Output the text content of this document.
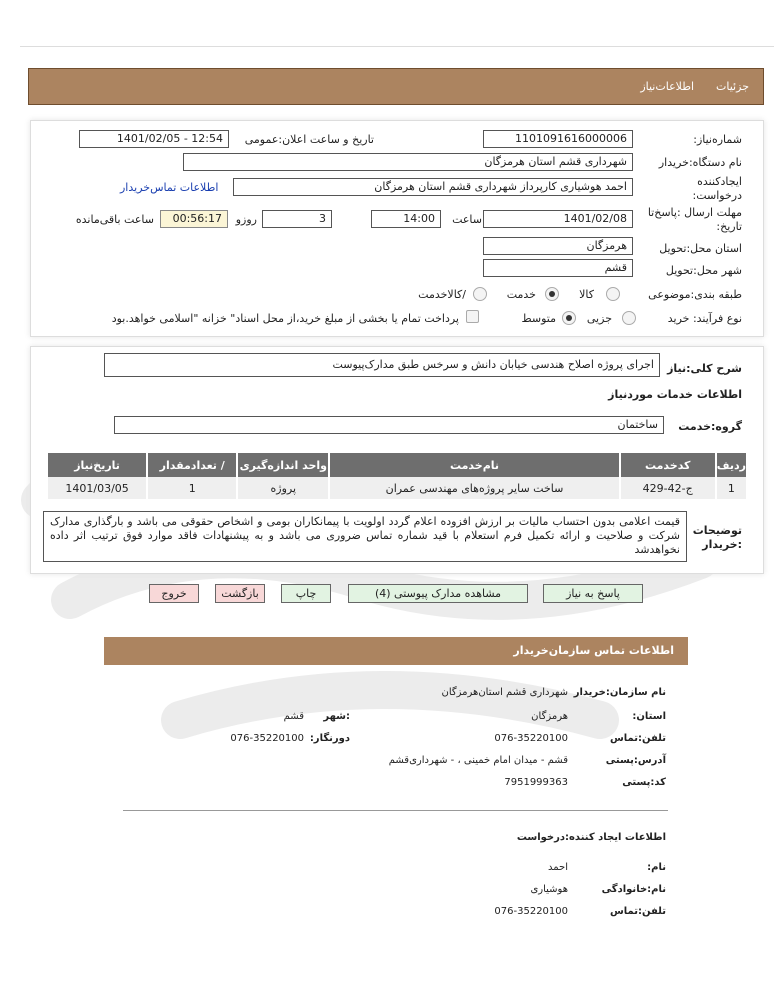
جزئیات
اطلاعات‌نیاز
شماره‌نیاز:
1101091616000006
تاریخ و ساعت اعلان:عمومی
1401/02/05 - 12:54
نام دستگاه:خریدار
شهرداری قشم استان هرمزگان
ایجادکننده
درخواست:
احمد هوشیاری کارپرداز شهرداری قشم استان هرمزگان
اطلاعات تماس‌خریدار
مهلت ارسال :پاسخ‌تا
تاریخ:
1401/02/08
ساعت
14:00
3
روزو
00:56:17
ساعت باقی‌مانده
استان محل:تحویل
هرمزگان
شهر محل:تحویل
قشم
طبقه بندی:موضوعی
کالا
خدمت
/کالاخدمت
نوع فرآیند: خرید
جزیی
متوسط
پرداخت تمام یا بخشی از مبلغ خرید،از محل اسناد" خزانه "اسلامی خواهد.بود
شرح کلی:نیاز
اجرای پروژه اصلاح هندسی خیابان دانش و سرخس طبق مدارک‌پیوست
اطلاعات خدمات موردنیاز
گروه:خدمت
ساختمان
ردیف	کدخدمت	نام‌خدمت	واحد اندازه‌گیری	/ تعدادمقدار	تاریخ‌نیاز
1	ج-42-429	ساخت سایر پروژه‌های مهندسی عمران	پروژه	1	1401/03/05
توضیحات
:خریدار
قیمت اعلامی بدون احتساب مالیات بر ارزش افزوده اعلام گردد اولویت با پیمانکاران بومی و اشخاص حقوقی می باشد و بارگذاری مدارک شرکت و صلاحیت و ارائه تکمیل فرم استعلام با قید شماره تماس ضروری می باشد و به پیشنهادات فاقد موارد فوق ترتیب اثر داده نخواهدشد
پاسخ به نیاز
مشاهده مدارک پیوستی (4)
چاپ
بازگشت
خروج
اطلاعات تماس سازمان‌خریدار
نام سازمان:خریدار
شهرداری قشم استان‌هرمزگان
استان:
هرمزگان
:شهر
قشم
تلفن:تماس
076-35220100
دورنگار:
076-35220100
آدرس:پستی
قشم - میدان امام خمینی ، - شهرداری‌قشم
کد:پستی
7951999363
اطلاعات ایجاد کننده:درخواست
نام:
احمد
نام:خانوادگی
هوشیاری
تلفن:تماس
076-35220100
